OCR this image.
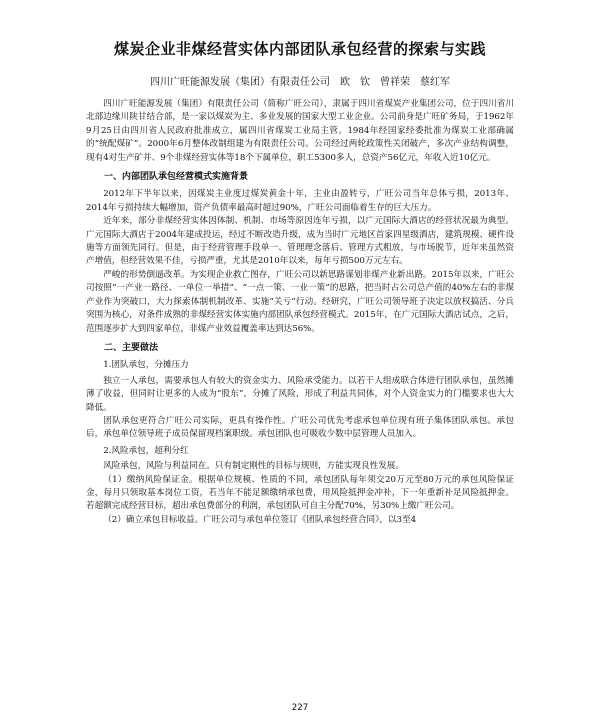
煤炭企业非煤经营实体内部团队承包经营的探索与实践
四川广旺能源发展（集团）有限责任公司　欧　钦　曾祥荣　蔡红军

四川广旺能源发展（集团）有限责任公司（简称广旺公司），隶属于四川省煤炭产业集团公司，位于四川省川北部边缘川陕甘结合部，是一家以煤炭为主、多业发展的国家大型工业企业。公司前身是广旺矿务局，于1962年9月25日由四川省人民政府批准成立，属四川省煤炭工业局主管。1984年经国家经委批准为煤炭工业部确属的“统配煤矿”。2000年6月整体改制组建为有限责任公司。公司经过两轮政策性关闭破产，多次产业结构调整，现有4对生产矿井、9个非煤经营实体等18个下属单位，职工5300多人，总资产56亿元，年收入近10亿元。

一、内部团队承包经营模式实施背景

2012年下半年以来，因煤炭主业度过煤炭黄金十年，主业由盈转亏，广旺公司当年总体亏损，2013年、2014年亏损持续大幅增加，资产负债率最高时超过90%，广旺公司面临着生存的巨大压力。

近年来，部分非煤经营实体因体制、机制、市场等原因连年亏损，以广元国际大酒店的经营状况最为典型。广元国际大酒店于2004年建成投运，经过不断改造升级，成为当时广元地区首家四星级酒店，建筑规模、硬件设施等方面领先同行。但是，由于经营管理手段单一、管理理念落后、管理方式粗放，与市场脱节，近年来虽然资产增值，但经营效果不佳，亏损严重，尤其是2010年以来，每年亏损500万元左右。

严峻的形势倒逼改革。为实现企业救亡图存，广旺公司以新思路谋划非煤产业新出路。2015年以来，广旺公司按照“一产业一路径、一单位一举措”、“一点一策、一业一策”的思路，把当时占公司总产值的40%左右的非煤产业作为突破口，大力探索体制机制改革、实施“关亏”行动。经研究，广旺公司领导班子决定以放权搞活、分兵突围为核心，对条件成熟的非煤经营实体实施内部团队承包经营模式。2015年，在广元国际大酒店试点，之后，范围逐步扩大到四家单位，非煤产业效益覆盖率达到达56%。

二、主要做法

1.团队承包，分摊压力

独立一人承包，需要承包人有较大的资金实力、风险承受能力。以若干人组成联合体进行团队承包，虽然摊薄了收益，但同时让更多的人成为“股东”，分摊了风险，形成了利益共同体，对个人资金实力的门槛要求也大大降低。

团队承包更符合广旺公司实际，更具有操作性。广旺公司优先考虑承包单位现有班子集体团队承包。承包后，承包单位领导班子成员保留现档案职级。承包团队也可吸收少数中层管理人员加入。

2.风险承包，超利分红

风险承包，风险与利益同在。只有制定刚性的目标与规则，方能实现良性发展。

（1）缴纳风险保证金。根据单位规模、性质的不同，承包团队每年须交20万元至80万元的承包风险保证金，每月只领取基本岗位工资，若当年不能足额缴纳承包费，用风险抵押金冲补，下一年重新补足风险抵押金。若超额完成经营目标，超出承包费部分的利润，承包团队可自主分配70%，另30%上缴广旺公司。

（2）确立承包目标收益。广旺公司与承包单位签订《团队承包经营合同》，以3至4

227
